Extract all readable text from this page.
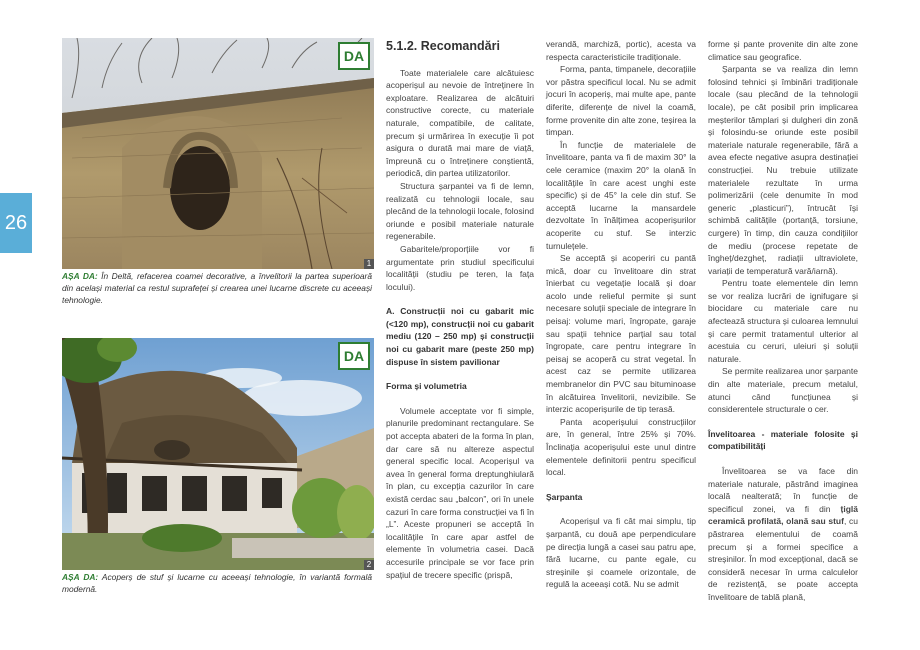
26
DA
1
AȘA DA: În Deltă, refacerea coamei decorative, a învelitorii la partea superioară din același material ca restul suprafeței și crearea unei lucarne discrete cu aceeași tehnologie.
DA
2
AȘA DA: Acoperș de stuf și lucarne cu aceeași tehnologie, în variantă formală modernă.
5.1.2. Recomandări

Toate materialele care alcătuiesc acoperișul au nevoie de întreținere în exploatare. Realizarea de alcătuiri constructive corecte, cu materiale naturale, compatibile, de calitate, precum și urmărirea în execuție îi pot asigura o durată mai mare de viață, împreună cu o întreținere conștientă, periodică, din partea utilizatorilor.

Structura șarpantei va fi de lemn, realizată cu tehnologii locale, sau plecând de la tehnologii locale, folosind oriunde e posibil materiale naturale regenerabile.

Gabaritele/proporțiile vor fi argumentate prin studiul specificului localității (studiu pe teren, la fața locului).

A. Construcții noi cu gabarit mic (<120 mp), construcții noi cu gabarit mediu (120 – 250 mp) și construcții noi cu gabarit mare (peste 250 mp) dispuse în sistem pavilionar
Forma și volumetria

Volumele acceptate vor fi simple, planurile predominant rectangulare. Se pot accepta abateri de la forma în plan, dar care să nu altereze aspectul general specific local. Acoperișul va avea în general forma dreptunghiulară în plan, cu excepția cazurilor în care există cerdac sau „balcon”, ori în unele cazuri în care forma construcției va fi în „L”. Aceste propuneri se acceptă în localitățile în care apar astfel de elemente în volumetria casei. Dacă accesurile principale se vor face prin spațiul de trecere specific (prispă,

verandă, marchiză, portic), acesta va respecta caracteristicile tradiționale.

Forma, panta, timpanele, decorațiile vor păstra specificul local. Nu se admit jocuri în acoperiș, mai multe ape, pante diferite, diferențe de nivel la coamă, forme provenite din alte zone, teșirea la timpan.

În funcție de materialele de învelitoare, panta va fi de maxim 30° la cele ceramice (maxim 20° la olană în localitățile în care acest unghi este specific) și de 45° la cele din stuf. Se acceptă lucarne la mansardele dezvoltate în înălțimea acoperișurilor acoperite cu stuf. Se interzic turnulețele.

Se acceptă și acoperiri cu pantă mică, doar cu învelitoare din strat înierbat cu vegetație locală și doar acolo unde relieful permite și sunt necesare soluții speciale de integrare în peisaj: volume mari, îngropate, garaje sau spații tehnice parțial sau total îngropate, care pentru integrare în peisaj se acoperă cu strat vegetal. În acest caz se permite utilizarea membranelor din PVC sau bituminoase în alcătuirea învelitorii, nevizibile. Se interzic acoperișurile de tip terasă.

Panta acoperișului construcțiilor are, în general, între 25% și 70%. Înclinația acoperișului este unul dintre elementele definitorii pentru specificul local.

Șarpanta

Acoperișul va fi cât mai simplu, tip șarpantă, cu două ape perpendiculare pe direcția lungă a casei sau patru ape, fără lucarne, cu pante egale, cu streșinile și coamele orizontale, de regulă la aceeași cotă. Nu se admit

forme și pante provenite din alte zone climatice sau geografice.

Șarpanta se va realiza din lemn folosind tehnici și îmbinări tradiționale locale (sau plecând de la tehnologii locale), pe cât posibil prin implicarea meșterilor tâmplari și dulgheri din zonă și folosindu-se oriunde este posibil materiale naturale regenerabile, fără a avea efecte negative asupra destinației construcției. Nu trebuie utilizate materialele rezultate în urma polimerizării (cele denumite în mod generic „plasticuri”), întrucât își schimbă calitățile (portanță, torsiune, curgere) în timp, din cauza condițiilor de mediu (procese repetate de îngheț/dezgheț, radiații ultraviolete, variații de temperatură vară/iarnă).

Pentru toate elementele din lemn se vor realiza lucrări de ignifugare și biocidare cu materiale care nu afectează structura și culoarea lemnului și care permit tratamentul ulterior al acestuia cu ceruri, uleiuri și soluții naturale.

Se permite realizarea unor șarpante din alte materiale, precum metalul, atunci când funcțiunea și considerentele structurale o cer.

Învelitoarea - materiale folosite și compatibilități

Învelitoarea se va face din materiale naturale, păstrând imaginea locală nealterată; în funcție de specificul zonei, va fi din țiglă ceramică profilată, olană sau stuf, cu păstrarea elementului de coamă precum și a formei specifice a streșinilor. În mod excepțional, dacă se consideră necesar în urma calculelor de rezistență, se poate accepta învelitoare de tablă plană,
